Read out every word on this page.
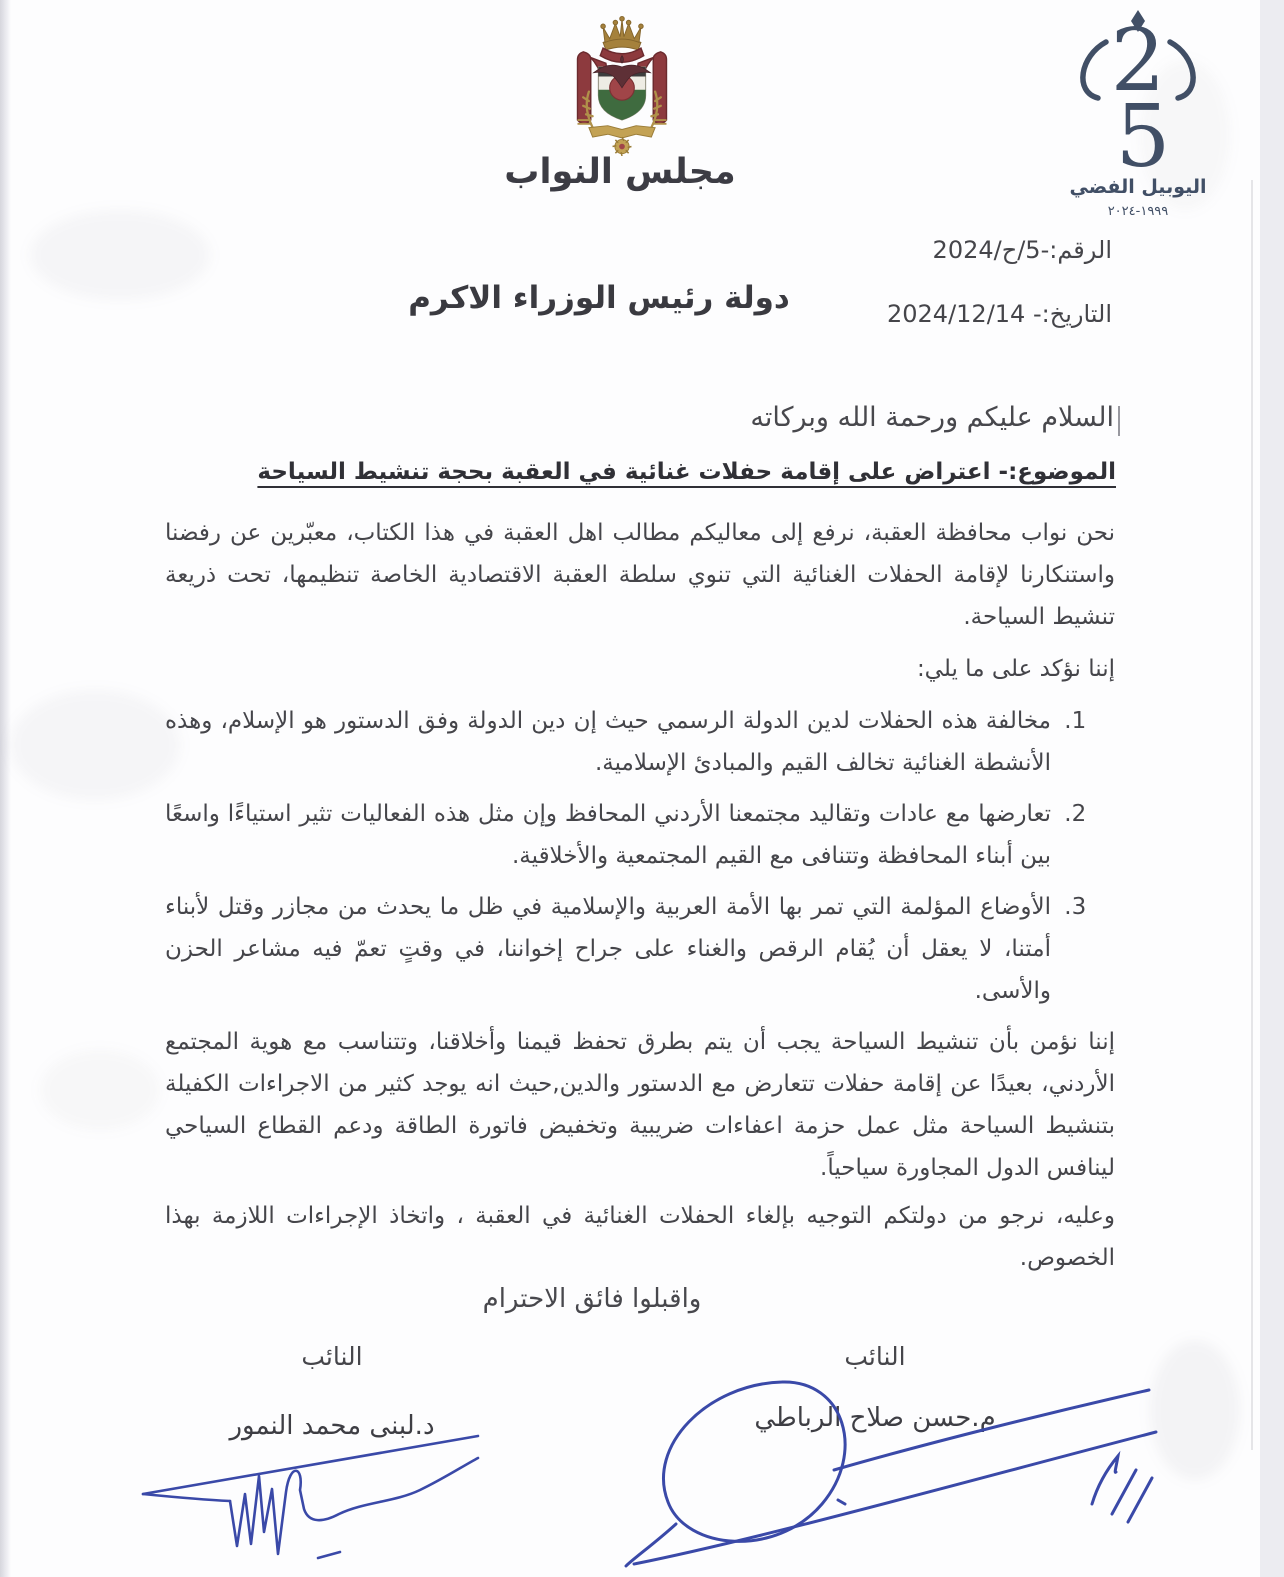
مجلس النواب
2
5
اليوبيل الفضي
١٩٩٩-٢٠٢٤
الرقم:-5/ح/2024
دولة رئيس الوزراء الاكرم	التاريخ:- 2024/12/14
السلام عليكم ورحمة الله وبركاته
الموضوع:- اعتراض على إقامة حفلات غنائية في العقبة بحجة تنشيط السياحة

نحن نواب محافظة العقبة، نرفع إلى معاليكم مطالب اهل العقبة في هذا الكتاب، معبّرين عن رفضنا واستنكارنا لإقامة الحفلات الغنائية التي تنوي سلطة العقبة الاقتصادية الخاصة تنظيمها، تحت ذريعة تنشيط السياحة.

إننا نؤكد على ما يلي:

1. مخالفة هذه الحفلات لدين الدولة الرسمي حيث إن دين الدولة وفق الدستور هو الإسلام، وهذه الأنشطة الغنائية تخالف القيم والمبادئ الإسلامية.
2. تعارضها مع عادات وتقاليد مجتمعنا الأردني المحافظ وإن مثل هذه الفعاليات تثير استياءًا واسعًا بين أبناء المحافظة وتتنافى مع القيم المجتمعية والأخلاقية.
3. الأوضاع المؤلمة التي تمر بها الأمة العربية والإسلامية في ظل ما يحدث من مجازر وقتل لأبناء أمتنا، لا يعقل أن يُقام الرقص والغناء على جراح إخواننا، في وقتٍ تعمّ فيه مشاعر الحزن والأسى.

إننا نؤمن بأن تنشيط السياحة يجب أن يتم بطرق تحفظ قيمنا وأخلاقنا، وتتناسب مع هوية المجتمع الأردني، بعيدًا عن إقامة حفلات تتعارض مع الدستور والدين,حيث انه يوجد كثير من الاجراءات الكفيلة بتنشيط السياحة مثل عمل حزمة اعفاءات ضريبية وتخفيض فاتورة الطاقة ودعم القطاع السياحي لينافس الدول المجاورة سياحياً.

وعليه، نرجو من دولتكم التوجيه بإلغاء الحفلات الغنائية في العقبة ، واتخاذ الإجراءات اللازمة بهذا الخصوص.

واقبلوا فائق الاحترام
النائب
م.حسن صلاح الرباطي
النائب
د.لبنى محمد النمور
